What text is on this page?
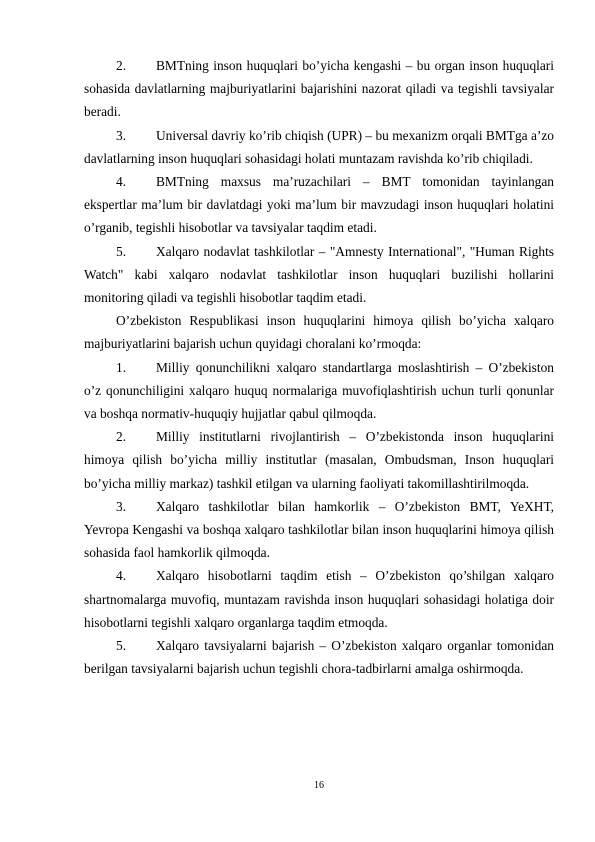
2. BMTning inson huquqlari bo’yicha kengashi – bu organ inson huquqlari sohasida davlatlarning majburiyatlarini bajarishini nazorat qiladi va tegishli tavsiyalar beradi.

3. Universal davriy ko’rib chiqish (UPR) – bu mexanizm orqali BMTga a’zo davlatlarning inson huquqlari sohasidagi holati muntazam ravishda ko’rib chiqiladi.

4. BMTning maxsus ma’ruzachilari – BMT tomonidan tayinlangan ekspertlar ma’lum bir davlatdagi yoki ma’lum bir mavzudagi inson huquqlari holatini o’rganib, tegishli hisobotlar va tavsiyalar taqdim etadi.

5. Xalqaro nodavlat tashkilotlar – "Amnesty International", "Human Rights Watch" kabi xalqaro nodavlat tashkilotlar inson huquqlari buzilishi hollarini monitoring qiladi va tegishli hisobotlar taqdim etadi.

O’zbekiston Respublikasi inson huquqlarini himoya qilish bo’yicha xalqaro majburiyatlarini bajarish uchun quyidagi choralani ko’rmoqda:

1. Milliy qonunchilikni xalqaro standartlarga moslashtirish – O’zbekiston o’z qonunchiligini xalqaro huquq normalariga muvofiqlashtirish uchun turli qonunlar va boshqa normativ-huquqiy hujjatlar qabul qilmoqda.

2. Milliy institutlarni rivojlantirish – O’zbekistonda inson huquqlarini himoya qilish bo’yicha milliy institutlar (masalan, Ombudsman, Inson huquqlari bo’yicha milliy markaz) tashkil etilgan va ularning faoliyati takomillashtirilmoqda.

3. Xalqaro tashkilotlar bilan hamkorlik – O’zbekiston BMT, YeXHT, Yevropa Kengashi va boshqa xalqaro tashkilotlar bilan inson huquqlarini himoya qilish sohasida faol hamkorlik qilmoqda.

4. Xalqaro hisobotlarni taqdim etish – O’zbekiston qo’shilgan xalqaro shartnomalarga muvofiq, muntazam ravishda inson huquqlari sohasidagi holatiga doir hisobotlarni tegishli xalqaro organlarga taqdim etmoqda.

5. Xalqaro tavsiyalarni bajarish – O’zbekiston xalqaro organlar tomonidan berilgan tavsiyalarni bajarish uchun tegishli chora-tadbirlarni amalga oshirmoqda.

16
